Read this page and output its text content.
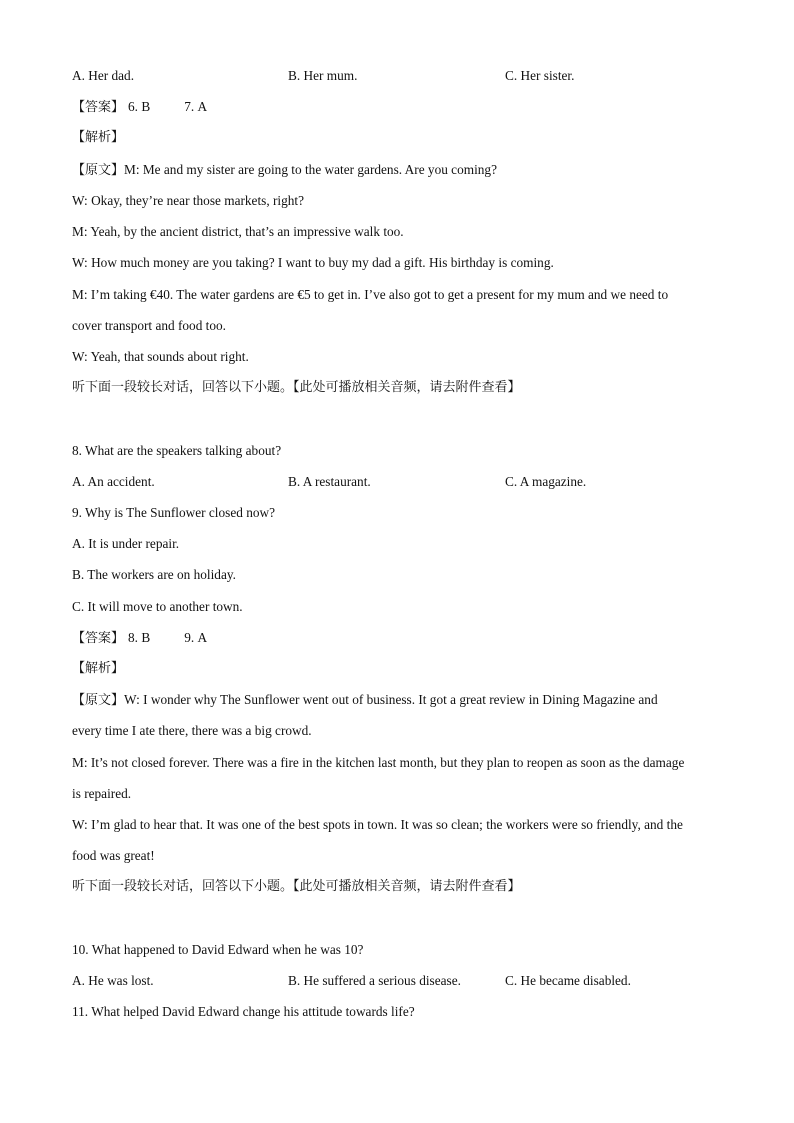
A. Her dad.	B. Her mum.	C. Her sister.
【答案】 6. B	7. A
【解析】
【原文】M: Me and my sister are going to the water gardens. Are you coming?
W: Okay, they’re near those markets, right?
M: Yeah, by the ancient district, that’s an impressive walk too.
W: How much money are you taking? I want to buy my dad a gift. His birthday is coming.
M: I’m taking €40. The water gardens are €5 to get in. I’ve also got to get a present for my mum and we need to
cover transport and food too.
W: Yeah, that sounds about right.
听下面一段较长对话，回答以下小题。【此处可播放相关音频，请去附件查看】
8. What are the speakers talking about?
A. An accident.	B. A restaurant.	C. A magazine.
9. Why is The Sunflower closed now?
A. It is under repair.
B. The workers are on holiday.
C. It will move to another town.
【答案】 8. B	9. A
【解析】
【原文】W: I wonder why The Sunflower went out of business. It got a great review in Dining Magazine and
every time I ate there, there was a big crowd.
M: It’s not closed forever. There was a fire in the kitchen last month, but they plan to reopen as soon as the damage
is repaired.
W: I’m glad to hear that. It was one of the best spots in town. It was so clean; the workers were so friendly, and the
food was great!
听下面一段较长对话，回答以下小题。【此处可播放相关音频，请去附件查看】
10. What happened to David Edward when he was 10?
A. He was lost.	B. He suffered a serious disease.	C. He became disabled.
11. What helped David Edward change his attitude towards life?
